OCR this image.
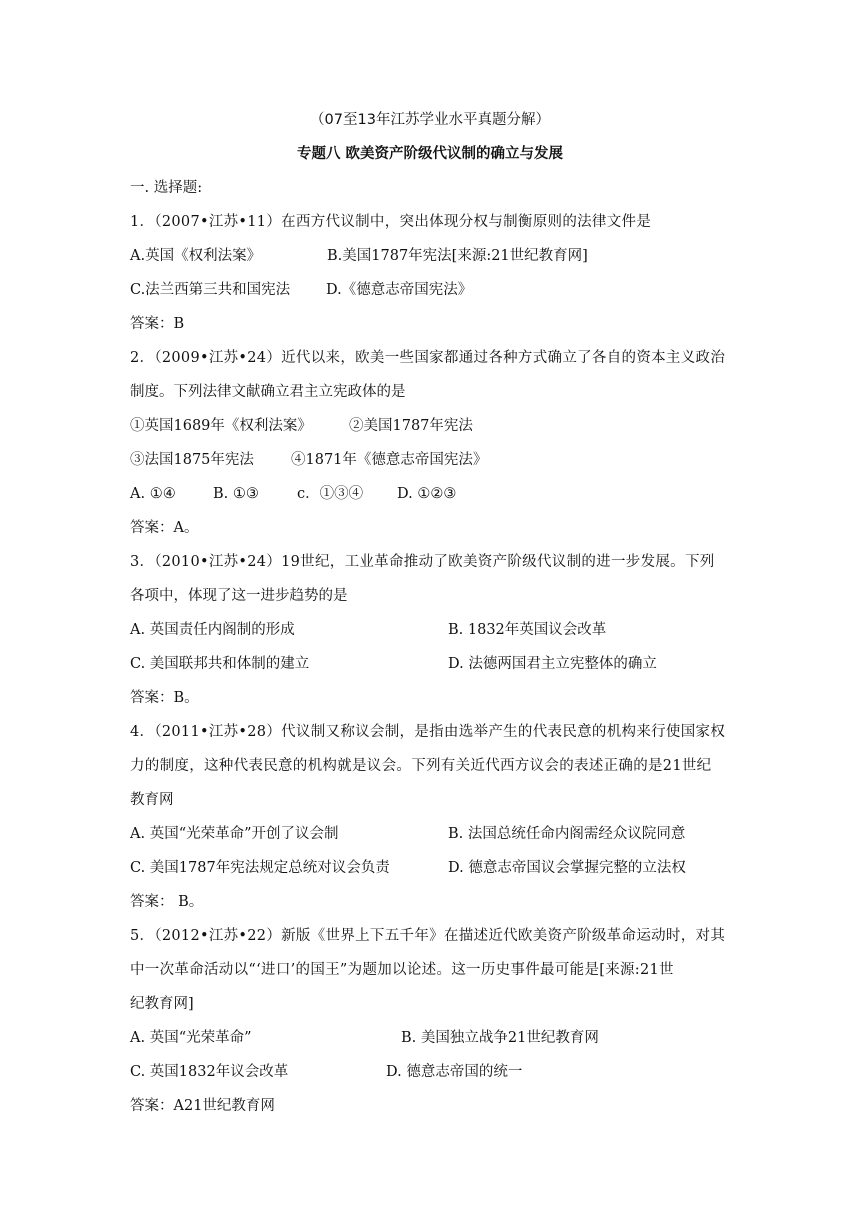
（07至13年江苏学业水平真题分解）
专题八 欧美资产阶级代议制的确立与发展
一. 选择题:
1．（2007•江苏•11）在西方代议制中，突出体现分权与制衡原则的法律文件是
A.英国《权利法案》	B.美国1787年宪法[来源:21世纪教育网]
C.法兰西第三共和国宪法 D.《德意志帝国宪法》
答案：B
2．（2009•江苏•24）近代以来，欧美一些国家都通过各种方式确立了各自的资本主义政治
制度。下列法律文献确立君主立宪政体的是
①英国1689年《权利法案》	②美国1787年宪法
③法国1875年宪法	④1871年《德意志帝国宪法》
A. ①④	B. ①③	c．①③④ D. ①②③
答案：A。
3．（2010•江苏•24）19世纪，工业革命推动了欧美资产阶级代议制的进一步发展。下列
各项中，体现了这一进步趋势的是
A. 英国责任内阁制的形成	B. 1832年英国议会改革
C. 美国联邦共和体制的建立	D. 法德两国君主立宪整体的确立
答案：B。
4．（2011•江苏•28）代议制又称议会制，是指由选举产生的代表民意的机构来行使国家权
力的制度，这种代表民意的机构就是议会。下列有关近代西方议会的表述正确的是21世纪
教育网
A. 英国“光荣革命”开创了议会制	B. 法国总统任命内阁需经众议院同意
C. 美国1787年宪法规定总统对议会负责	D. 德意志帝国议会掌握完整的立法权
答案： B。
5．（2012•江苏•22）新版《世界上下五千年》在描述近代欧美资产阶级革命运动时，对其
中一次革命活动以“‘进口’的国王”为题加以论述。这一历史事件最可能是[来源:21世
纪教育网]
A. 英国“光荣革命”	B. 美国独立战争21世纪教育网
C. 英国1832年议会改革	D. 德意志帝国的统一
答案：A21世纪教育网
